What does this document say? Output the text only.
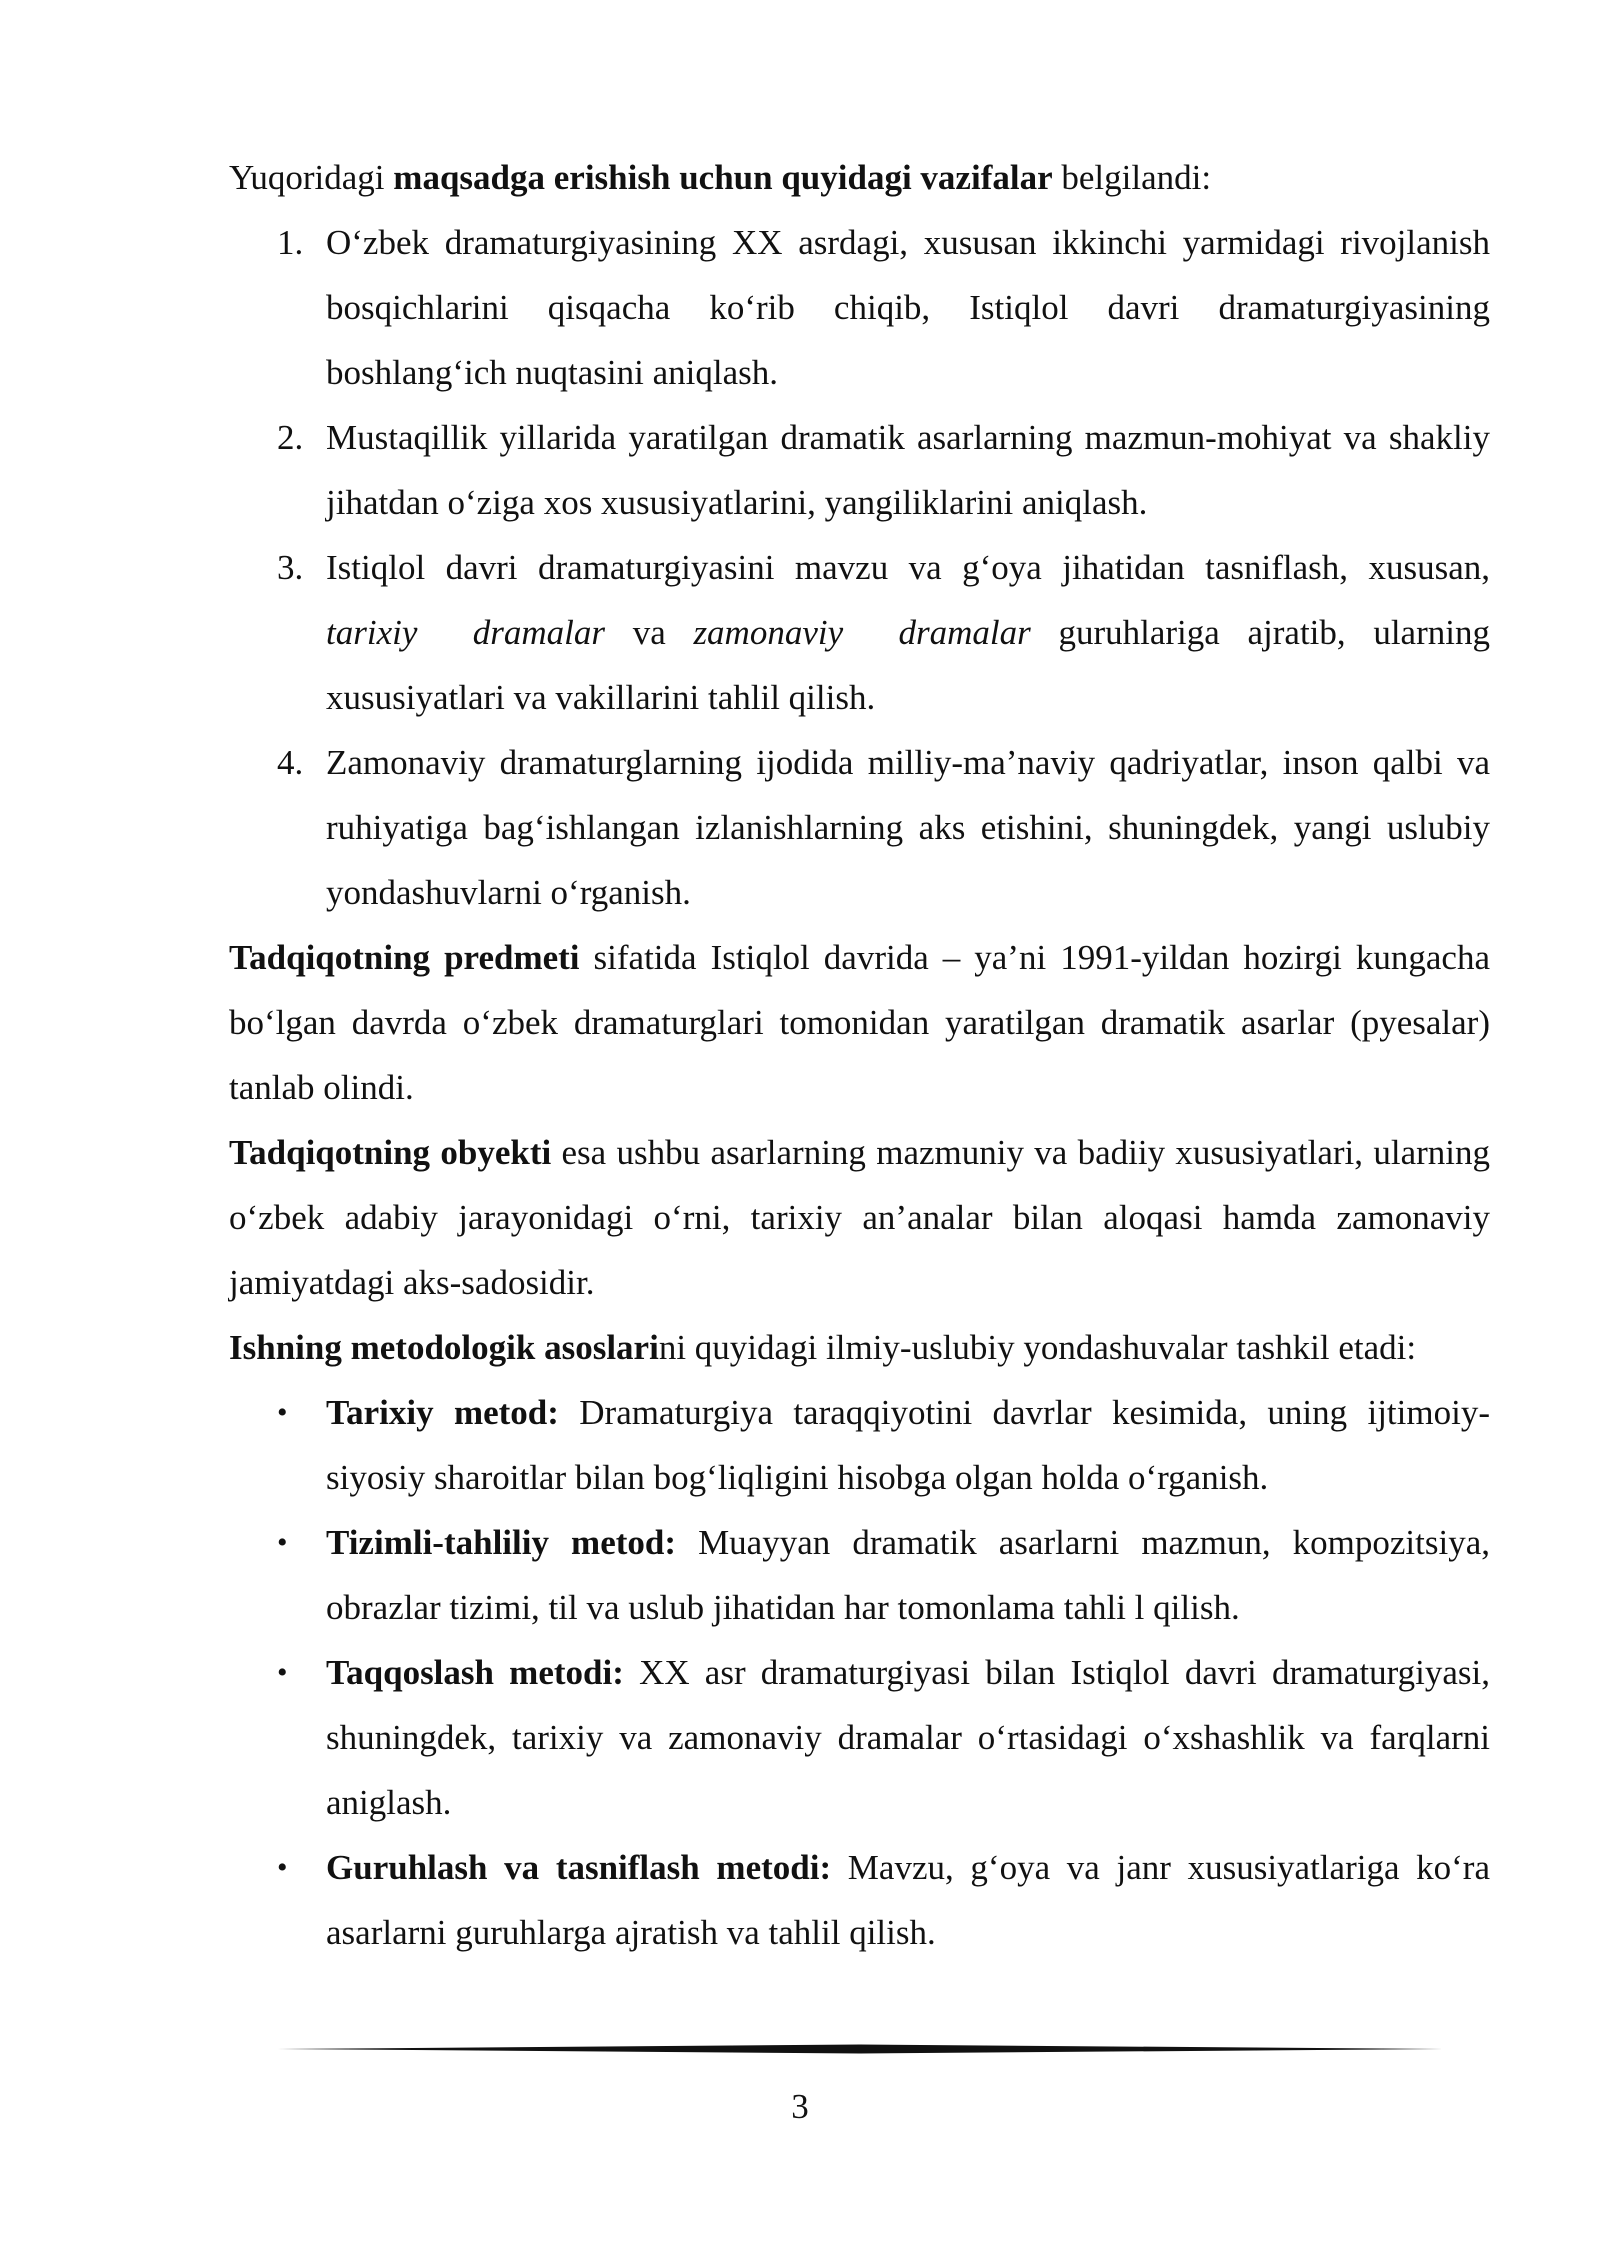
Yuqoridagi maqsadga erishish uchun quyidagi vazifalar belgilandi:

1. O‘zbek dramaturgiyasining XX asrdagi, xususan ikkinchi yarmidagi rivojlanish bosqichlarini qisqacha ko‘rib chiqib, Istiqlol davri dramaturgiyasining boshlang‘ich nuqtasini aniqlash.
2. Mustaqillik yillarida yaratilgan dramatik asarlarning mazmun-mohiyat va shakliy jihatdan o‘ziga xos xususiyatlarini, yangiliklarini aniqlash.
3. Istiqlol davri dramaturgiyasini mavzu va g‘oya jihatidan tasniflash, xususan, tarixiy  dramalar va zamonaviy  dramalar guruhlariga ajratib, ularning xususiyatlari va vakillarini tahlil qilish.
4. Zamonaviy dramaturglarning ijodida milliy-ma’naviy qadriyatlar, inson qalbi va ruhiyatiga bag‘ishlangan izlanishlarning aks etishini, shuningdek, yangi uslubiy yondashuvlarni o‘rganish.

Tadqiqotning predmeti sifatida Istiqlol davrida – ya’ni 1991-yildan hozirgi kungacha bo‘lgan davrda o‘zbek dramaturglari tomonidan yaratilgan dramatik asarlar (pyesalar) tanlab olindi.

Tadqiqotning obyekti esa ushbu asarlarning mazmuniy va badiiy xususiyatlari, ularning o‘zbek adabiy jarayonidagi o‘rni, tarixiy an’analar bilan aloqasi hamda zamonaviy jamiyatdagi aks-sadosidir.

Ishning metodologik asoslarini quyidagi ilmiy-uslubiy yondashuvalar tashkil etadi:

• Tarixiy metod: Dramaturgiya taraqqiyotini davrlar kesimida, uning ijtimoiy-siyosiy sharoitlar bilan bog‘liqligini hisobga olgan holda o‘rganish.
• Tizimli-tahliliy metod: Muayyan dramatik asarlarni mazmun, kompozitsiya, obrazlar tizimi, til va uslub jihatidan har tomonlama tahli l qilish.
• Taqqoslash metodi: XX asr dramaturgiyasi bilan Istiqlol davri dramaturgiyasi, shuningdek, tarixiy va zamonaviy dramalar o‘rtasidagi o‘xshashlik va farqlarni aniglash.
• Guruhlash va tasniflash metodi: Mavzu, g‘oya va janr xususiyatlariga ko‘ra asarlarni guruhlarga ajratish va tahlil qilish.
3
